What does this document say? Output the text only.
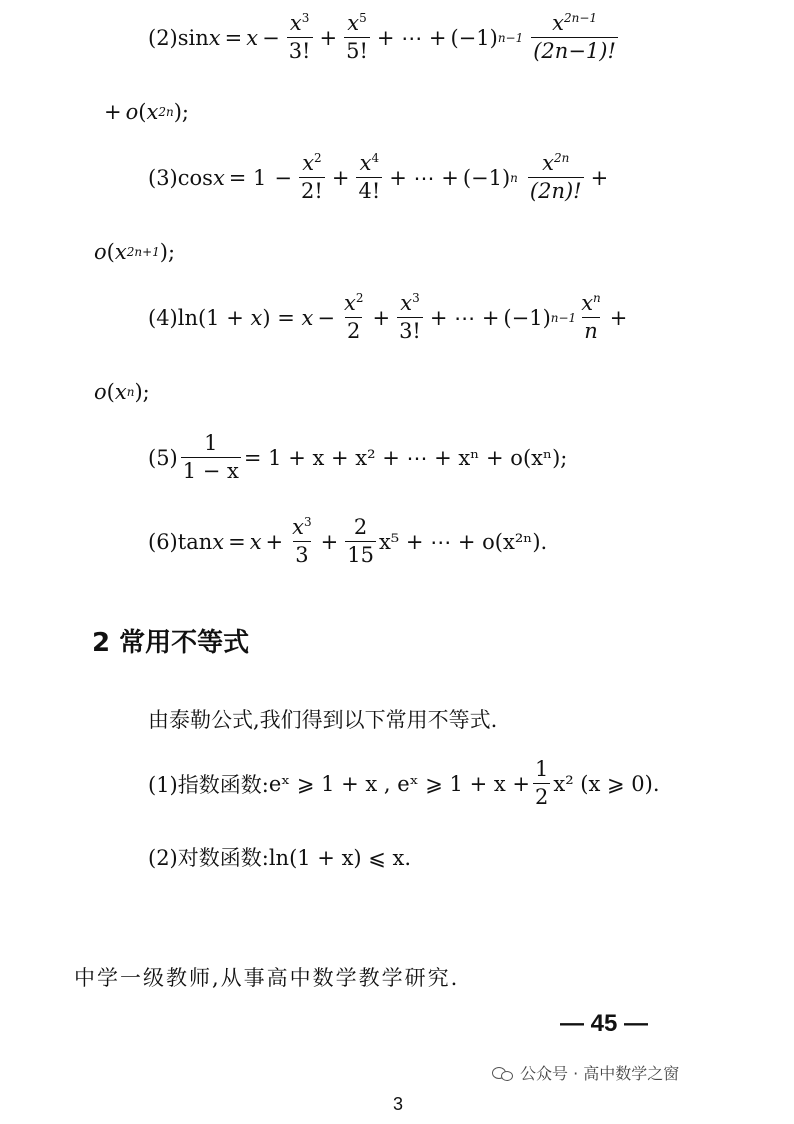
(2) $\sin x = x - \frac{x^3}{3!} + \frac{x^5}{5!}$ + ⋯ + (−1) $n-1 \frac{x^{2n-1}}{(2n-1)!}$
+ o ( x 2n );
(3) $\cos x = 1 - \frac{x^2}{2!} + \frac{x^4}{4!}$ + ⋯ + (−1) n $\frac{x^{2n}}{(2n)!}$ +
o ( x 2n+1 );
(4) ln(1 +
x ) =
$x - \frac{x^2}{2} + \frac{x^3}{3!}$ + ⋯ + (−1) $n-1 \frac{x^n}{n}$ +
o ( x n );
$(5) \frac{1}{1 - x} = 1 + x + x^2$ + ⋯ + xⁿ + o(xⁿ);
(6) $\tan x = x + \frac{x^3}{3} + \frac{2}{15} x^5$
+ ⋯ + o(x²ⁿ).
2 常用不等式
由泰勒公式,我们得到以下常用不等式.
(1)指数函数: eˣ ⩾ 1 + x , eˣ ⩾ $1 + x + \frac{1}{2} x^2$ (x ⩾ 0).
(2)对数函数:ln(1 + x) ⩽ x.
中学一级教师,从事高中数学教学研究.
— 45 —
公众号 · 高中数学之窗
3
